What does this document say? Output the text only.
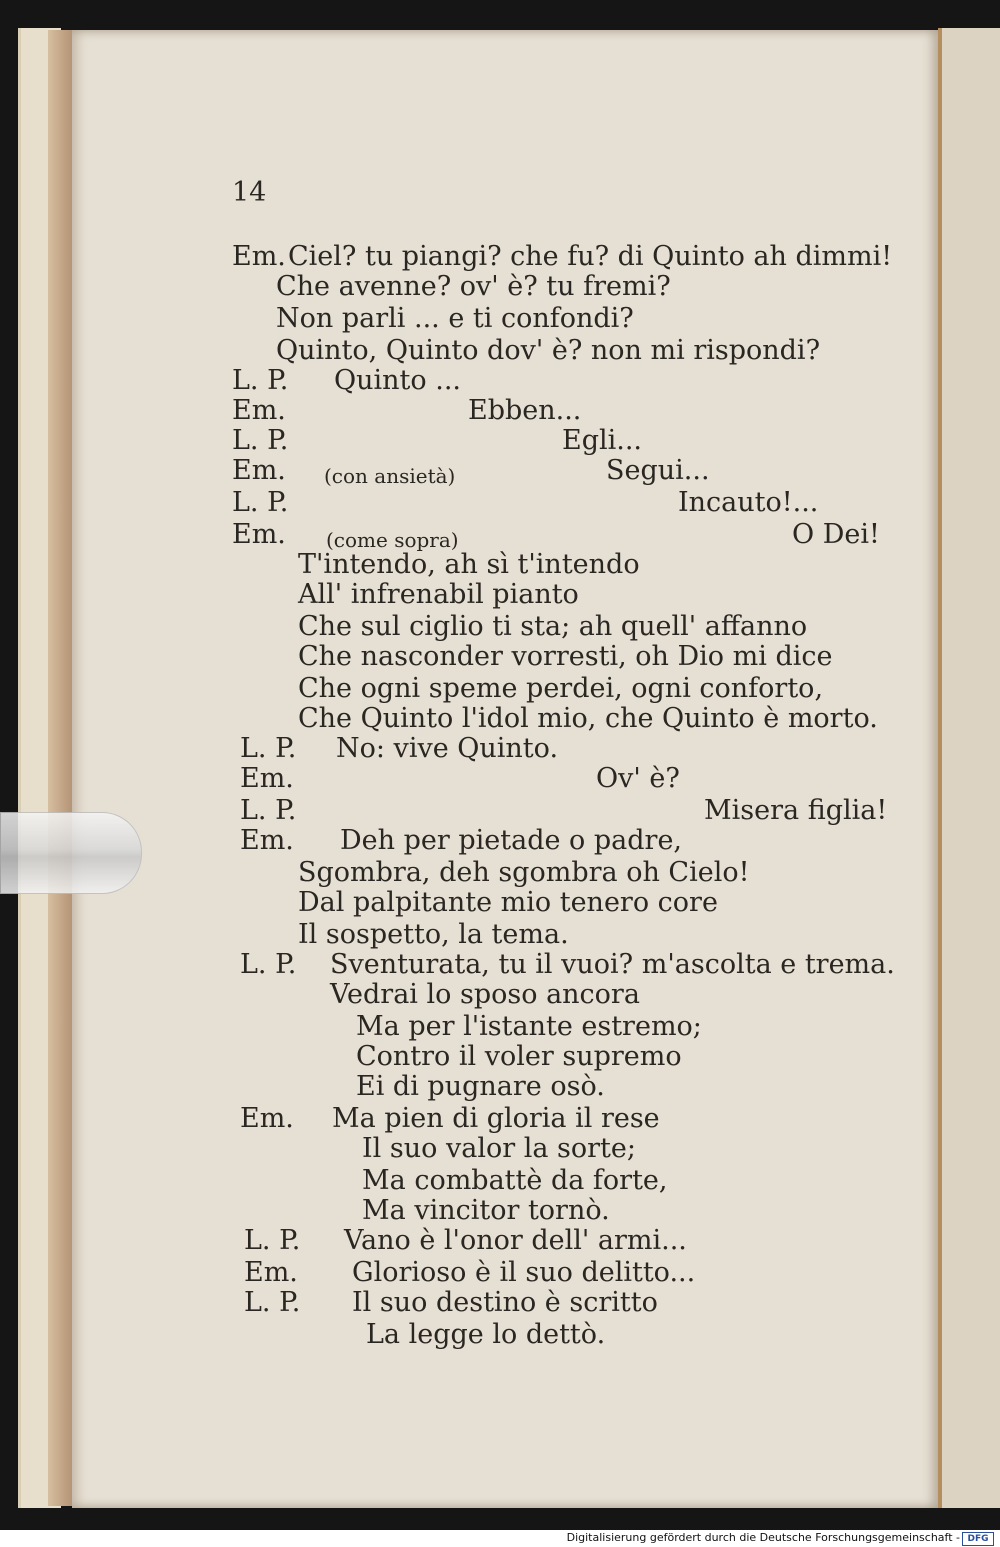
14
Em. Ciel? tu piangi? che fu? di Quinto ah dimmi!
Che avenne? ov' è? tu fremi?
Non parli ... e ti confondi?
Quinto, Quinto dov' è? non mi rispondi?
L. P. Quinto ...
Em.	Ebben...
L. P.	Egli...
Em. (con ansietà)	Segui...
L. P.	Incauto!...
Em. (come sopra)	O Dei!
T'intendo, ah sì t'intendo
All' infrenabil pianto
Che sul ciglio ti sta; ah quell' affanno
Che nasconder vorresti, oh Dio mi dice
Che ogni speme perdei, ogni conforto,
Che Quinto l'idol mio, che Quinto è morto.
L. P. No: vive Quinto.
Em.	Ov' è?
L. P.	Misera figlia!
Em. Deh per pietade o padre,
Sgombra, deh sgombra oh Cielo!
Dal palpitante mio tenero core
Il sospetto, la tema.
L. P. Sventurata, tu il vuoi? m'ascolta e trema.
Vedrai lo sposo ancora
Ma per l'istante estremo;
Contro il voler supremo
Ei di pugnare osò.
Em. Ma pien di gloria il rese
Il suo valor la sorte;
Ma combattè da forte,
Ma vincitor tornò.
L. P. Vano è l'onor dell' armi...
Em. Glorioso è il suo delitto...
L. P. Il suo destino è scritto
La legge lo dettò.
Digitalisierung gefördert durch die Deutsche Forschungsgemeinschaft - DFG
